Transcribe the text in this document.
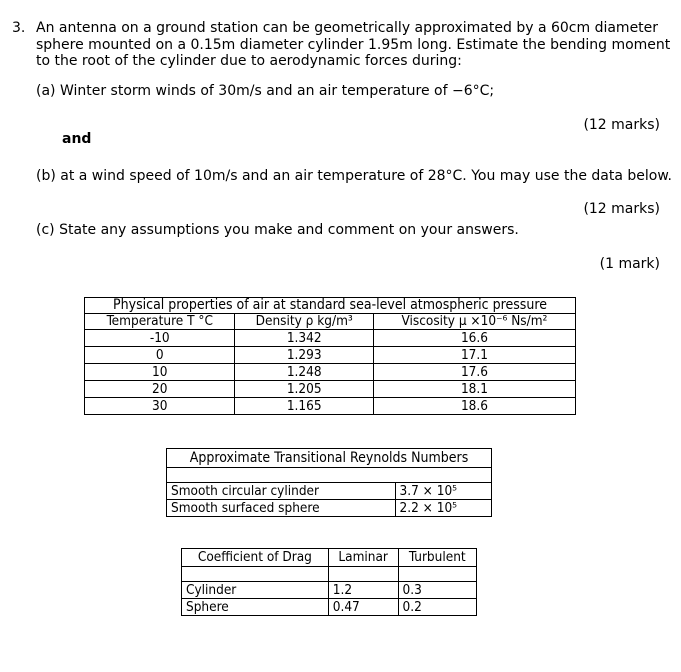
3. An antenna on a ground station can be geometrically approximated by a 60cm diameter
sphere mounted on a 0.15m diameter cylinder 1.95m long. Estimate the bending moment
to the root of the cylinder due to aerodynamic forces during:
(a) Winter storm winds of 30m/s and an air temperature of −6°C;
(12 marks)
and
(b) at a wind speed of 10m/s and an air temperature of 28°C. You may use the data below.
(12 marks)
(c) State any assumptions you make and comment on your answers.
(1 mark)
Physical properties of air at standard sea-level atmospheric pressure		
Temperature T °C	Density ρ kg/m³	Viscosity μ ×10⁻⁶ Ns/m²
-10	1.342	16.6
0	1.293	17.1
10	1.248	17.6
20	1.205	18.1
30	1.165	18.6
Approximate Transitional Reynolds Numbers	

Smooth circular cylinder	3.7 × 10⁵
Smooth surfaced sphere	2.2 × 10⁵
Coefficient of Drag	Laminar	Turbulent

Cylinder	1.2	0.3
Sphere	0.47	0.2
